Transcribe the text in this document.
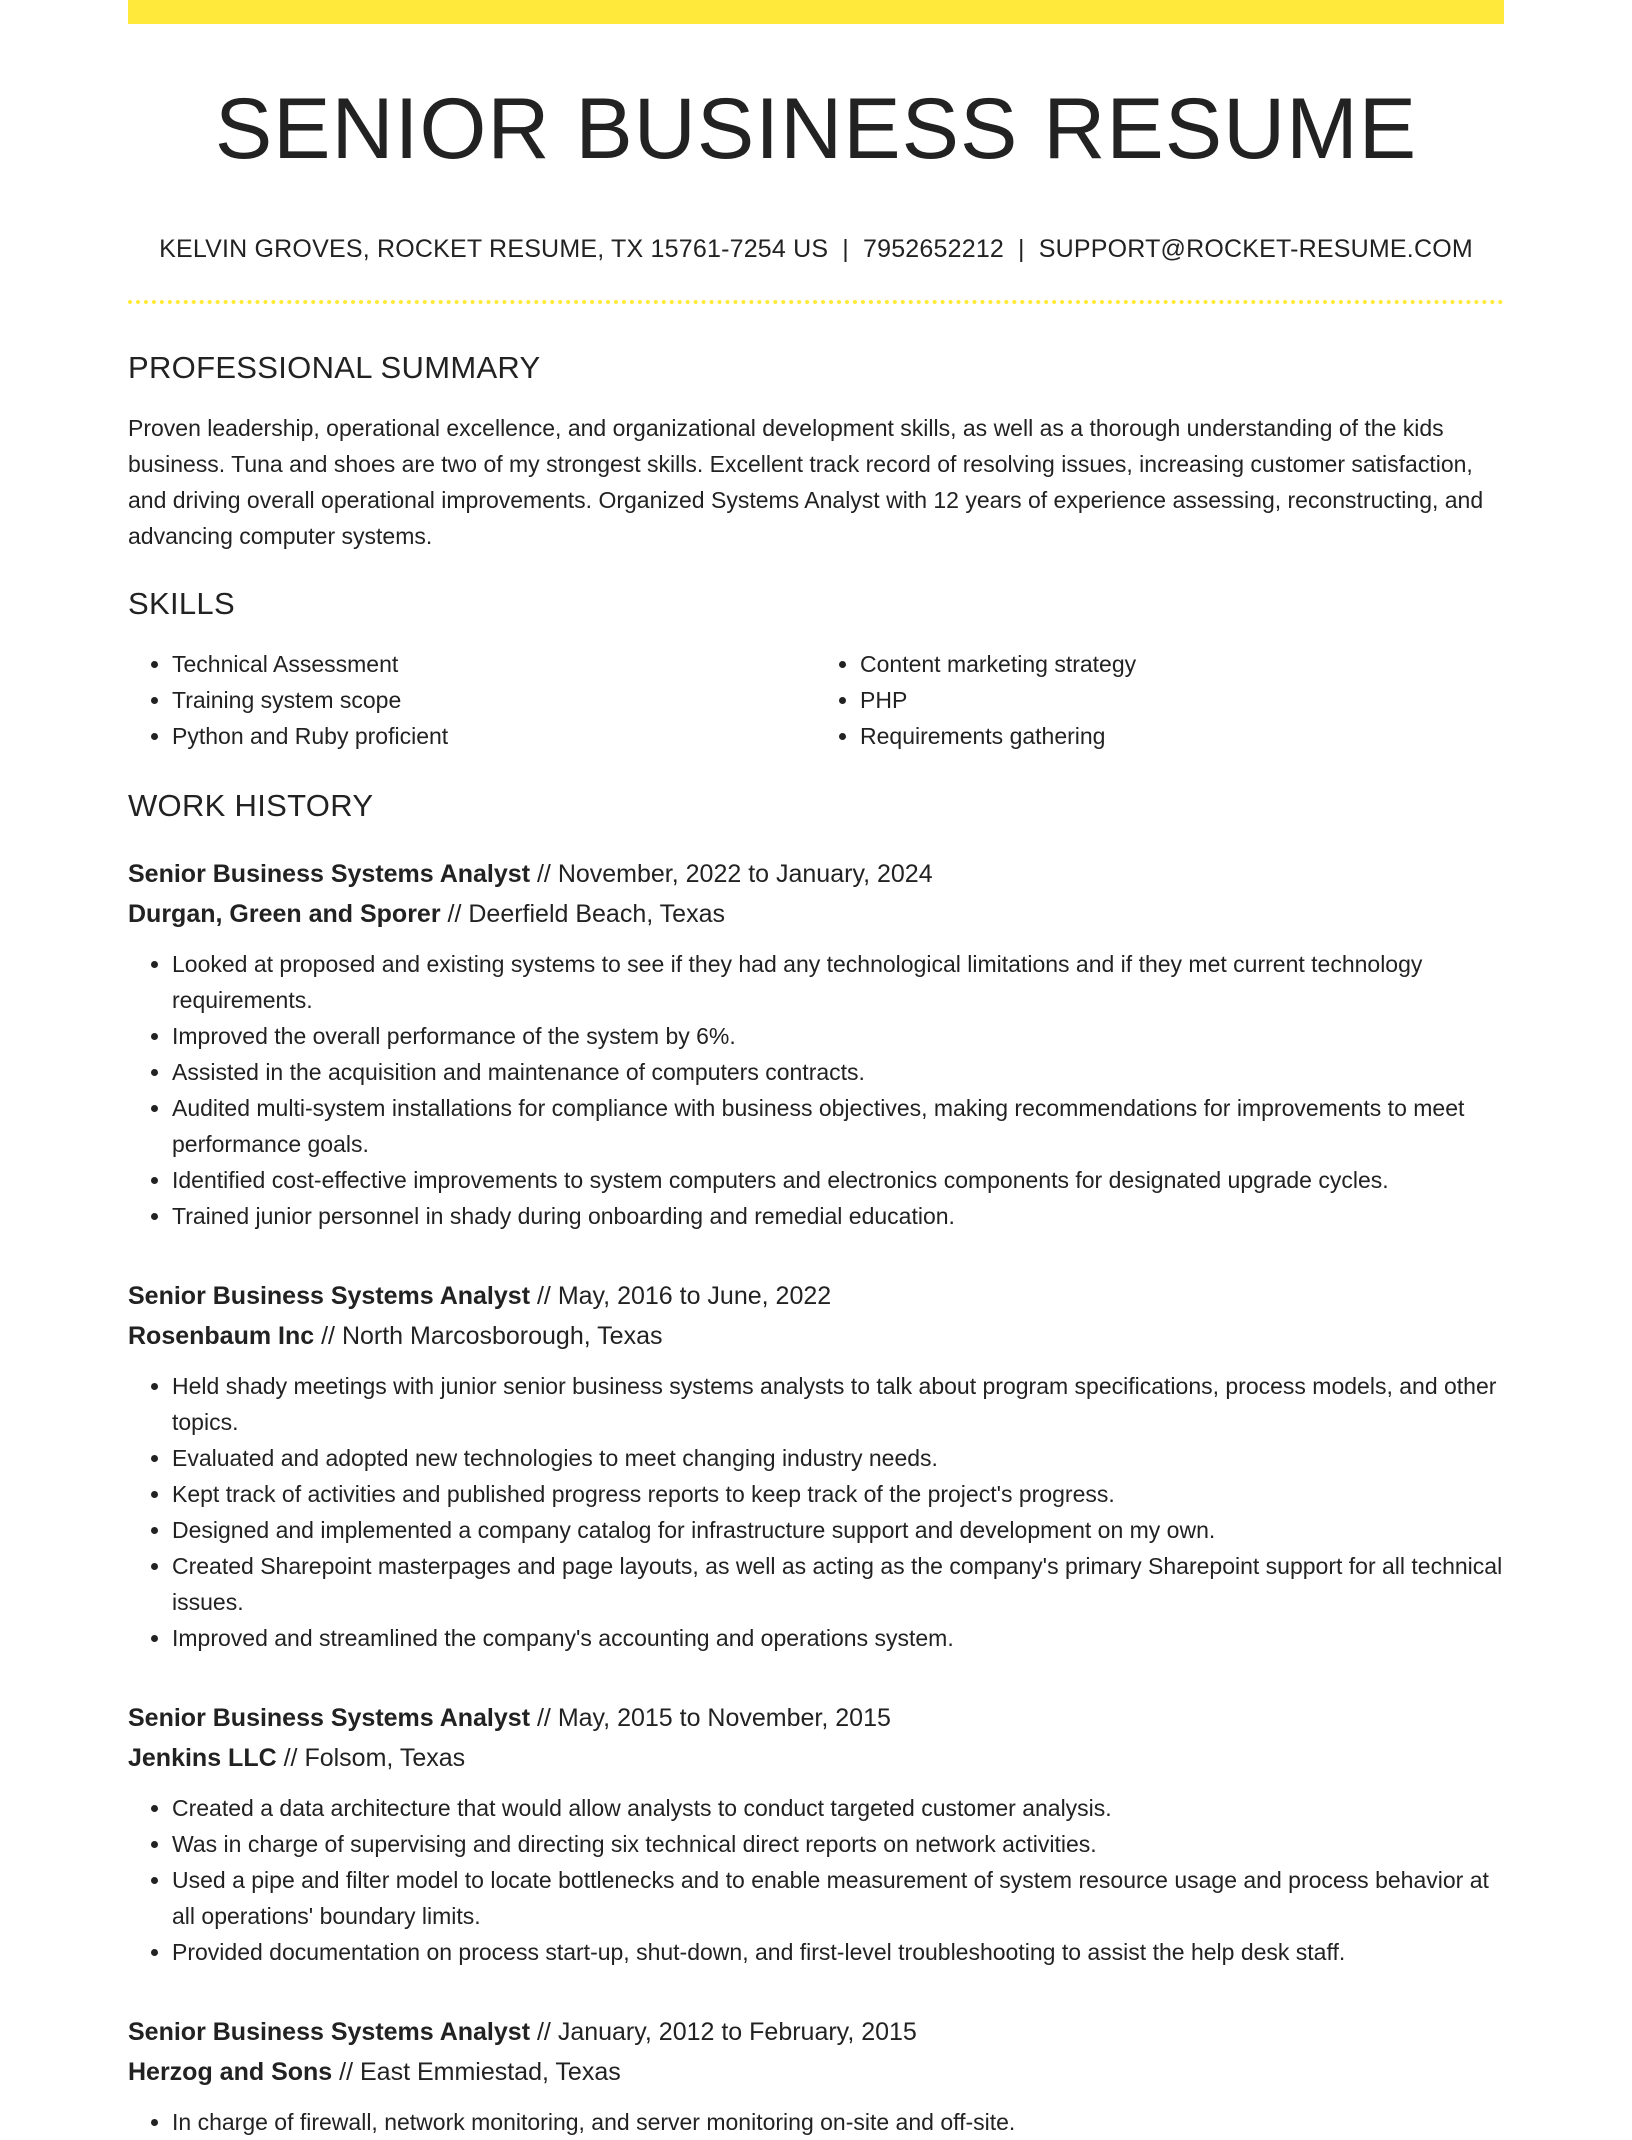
SENIOR BUSINESS RESUME
KELVIN GROVES, ROCKET RESUME, TX 15761-7254 US | 7952652212 | SUPPORT@ROCKET-RESUME.COM
PROFESSIONAL SUMMARY

Proven leadership, operational excellence, and organizational development skills, as well as a thorough understanding of the kids business. Tuna and shoes are two of my strongest skills. Excellent track record of resolving issues, increasing customer satisfaction, and driving overall operational improvements. Organized Systems Analyst with 12 years of experience assessing, reconstructing, and advancing computer systems.

SKILLS
• Technical Assessment
• Training system scope
• Python and Ruby proficient
• Content marketing strategy
• PHP
• Requirements gathering
WORK HISTORY
Senior Business Systems Analyst // November, 2022 to January, 2024
Durgan, Green and Sporer // Deerfield Beach, Texas
• Looked at proposed and existing systems to see if they had any technological limitations and if they met current technology requirements.
• Improved the overall performance of the system by 6%.
• Assisted in the acquisition and maintenance of computers contracts.
• Audited multi-system installations for compliance with business objectives, making recommendations for improvements to meet performance goals.
• Identified cost-effective improvements to system computers and electronics components for designated upgrade cycles.
• Trained junior personnel in shady during onboarding and remedial education.
Senior Business Systems Analyst // May, 2016 to June, 2022
Rosenbaum Inc // North Marcosborough, Texas
• Held shady meetings with junior senior business systems analysts to talk about program specifications, process models, and other topics.
• Evaluated and adopted new technologies to meet changing industry needs.
• Kept track of activities and published progress reports to keep track of the project's progress.
• Designed and implemented a company catalog for infrastructure support and development on my own.
• Created Sharepoint masterpages and page layouts, as well as acting as the company's primary Sharepoint support for all technical issues.
• Improved and streamlined the company's accounting and operations system.
Senior Business Systems Analyst // May, 2015 to November, 2015
Jenkins LLC // Folsom, Texas
• Created a data architecture that would allow analysts to conduct targeted customer analysis.
• Was in charge of supervising and directing six technical direct reports on network activities.
• Used a pipe and filter model to locate bottlenecks and to enable measurement of system resource usage and process behavior at all operations' boundary limits.
• Provided documentation on process start-up, shut-down, and first-level troubleshooting to assist the help desk staff.
Senior Business Systems Analyst // January, 2012 to February, 2015
Herzog and Sons // East Emmiestad, Texas
• In charge of firewall, network monitoring, and server monitoring on-site and off-site.
